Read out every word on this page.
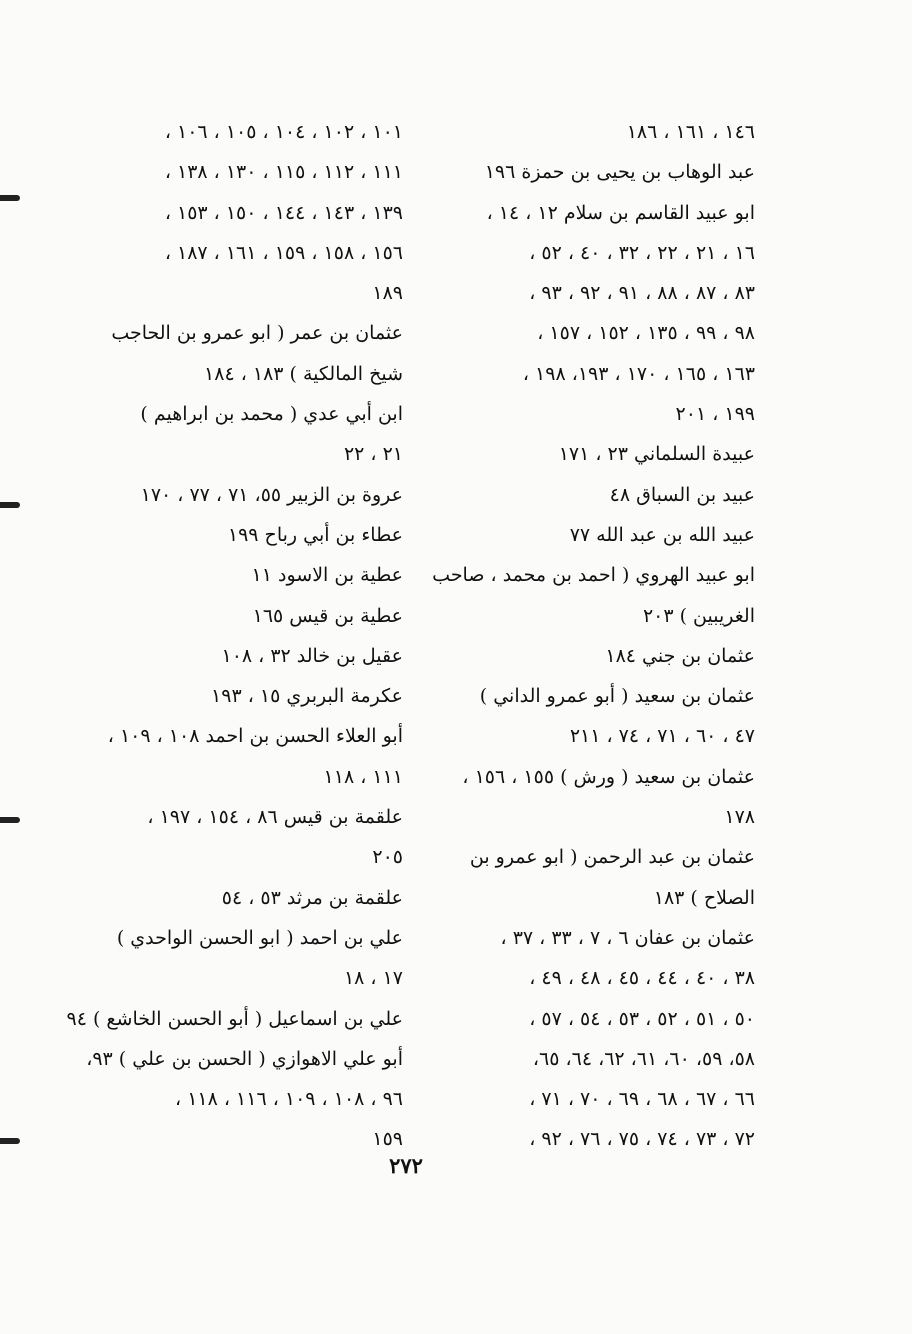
١٤٦ ، ١٦١ ، ١٨٦
عبد الوهاب بن يحيى بن حمزة ١٩٦
ابو عبيد القاسم بن سلام ١٢ ، ١٤ ،
١٦ ، ٢١ ، ٢٢ ، ٣٢ ، ٤٠ ، ٥٢ ،
٨٣ ، ٨٧ ، ٨٨ ، ٩١ ، ٩٢ ، ٩٣ ،
٩٨ ، ٩٩ ، ١٣٥ ، ١٥٢ ، ١٥٧ ،
١٦٣ ، ١٦٥ ، ١٧٠ ، ١٩٣، ١٩٨ ،
١٩٩ ، ٢٠١
عبيدة السلماني ٢٣ ، ١٧١
عبيد بن السباق ٤٨
عبيد الله بن عبد الله ٧٧
ابو عبيد الهروي ( احمد بن محمد ، صاحب
الغريبين ) ٢٠٣
عثمان بن جني ١٨٤
عثمان بن سعيد ( أبو عمرو الداني )
٤٧ ، ٦٠ ، ٧١ ، ٧٤ ، ٢١١
عثمان بن سعيد ( ورش ) ١٥٥ ، ١٥٦ ،
١٧٨
عثمان بن عبد الرحمن ( ابو عمرو بن
الصلاح ) ١٨٣
عثمان بن عفان ٦ ، ٧ ، ٣٣ ، ٣٧ ،
٣٨ ، ٤٠ ، ٤٤ ، ٤٥ ، ٤٨ ، ٤٩ ،
٥٠ ، ٥١ ، ٥٢ ، ٥٣ ، ٥٤ ، ٥٧ ،
٥٨، ٥٩، ٦٠، ٦١، ٦٢، ٦٤، ٦٥،
٦٦ ، ٦٧ ، ٦٨ ، ٦٩ ، ٧٠ ، ٧١ ،
٧٢ ، ٧٣ ، ٧٤ ، ٧٥ ، ٧٦ ، ٩٢ ،
١٠١ ، ١٠٢ ، ١٠٤ ، ١٠٥ ، ١٠٦ ،
١١١ ، ١١٢ ، ١١٥ ، ١٣٠ ، ١٣٨ ،
١٣٩ ، ١٤٣ ، ١٤٤ ، ١٥٠ ، ١٥٣ ،
١٥٦ ، ١٥٨ ، ١٥٩ ، ١٦١ ، ١٨٧ ،
١٨٩
عثمان بن عمر ( ابو عمرو بن الحاجب
شيخ المالكية ) ١٨٣ ، ١٨٤
ابن أبي عدي ( محمد بن ابراهيم )
٢١ ، ٢٢
عروة بن الزبير ٥٥، ٧١ ، ٧٧ ، ١٧٠
عطاء بن أبي رباح ١٩٩
عطية بن الاسود ١١
عطية بن قيس ١٦٥
عقيل بن خالد ٣٢ ، ١٠٨
عكرمة البربري ١٥ ، ١٩٣
أبو العلاء الحسن بن احمد ١٠٨ ، ١٠٩ ،
١١١ ، ١١٨
علقمة بن قيس ٨٦ ، ١٥٤ ، ١٩٧ ،
٢٠٥
علقمة بن مرثد ٥٣ ، ٥٤
علي بن احمد ( ابو الحسن الواحدي )
١٧ ، ١٨
علي بن اسماعيل ( أبو الحسن الخاشع ) ٩٤
أبو علي الاهوازي ( الحسن بن علي ) ٩٣،
٩٦ ، ١٠٨ ، ١٠٩ ، ١١٦ ، ١١٨ ،
١٥٩
٢٧٢
